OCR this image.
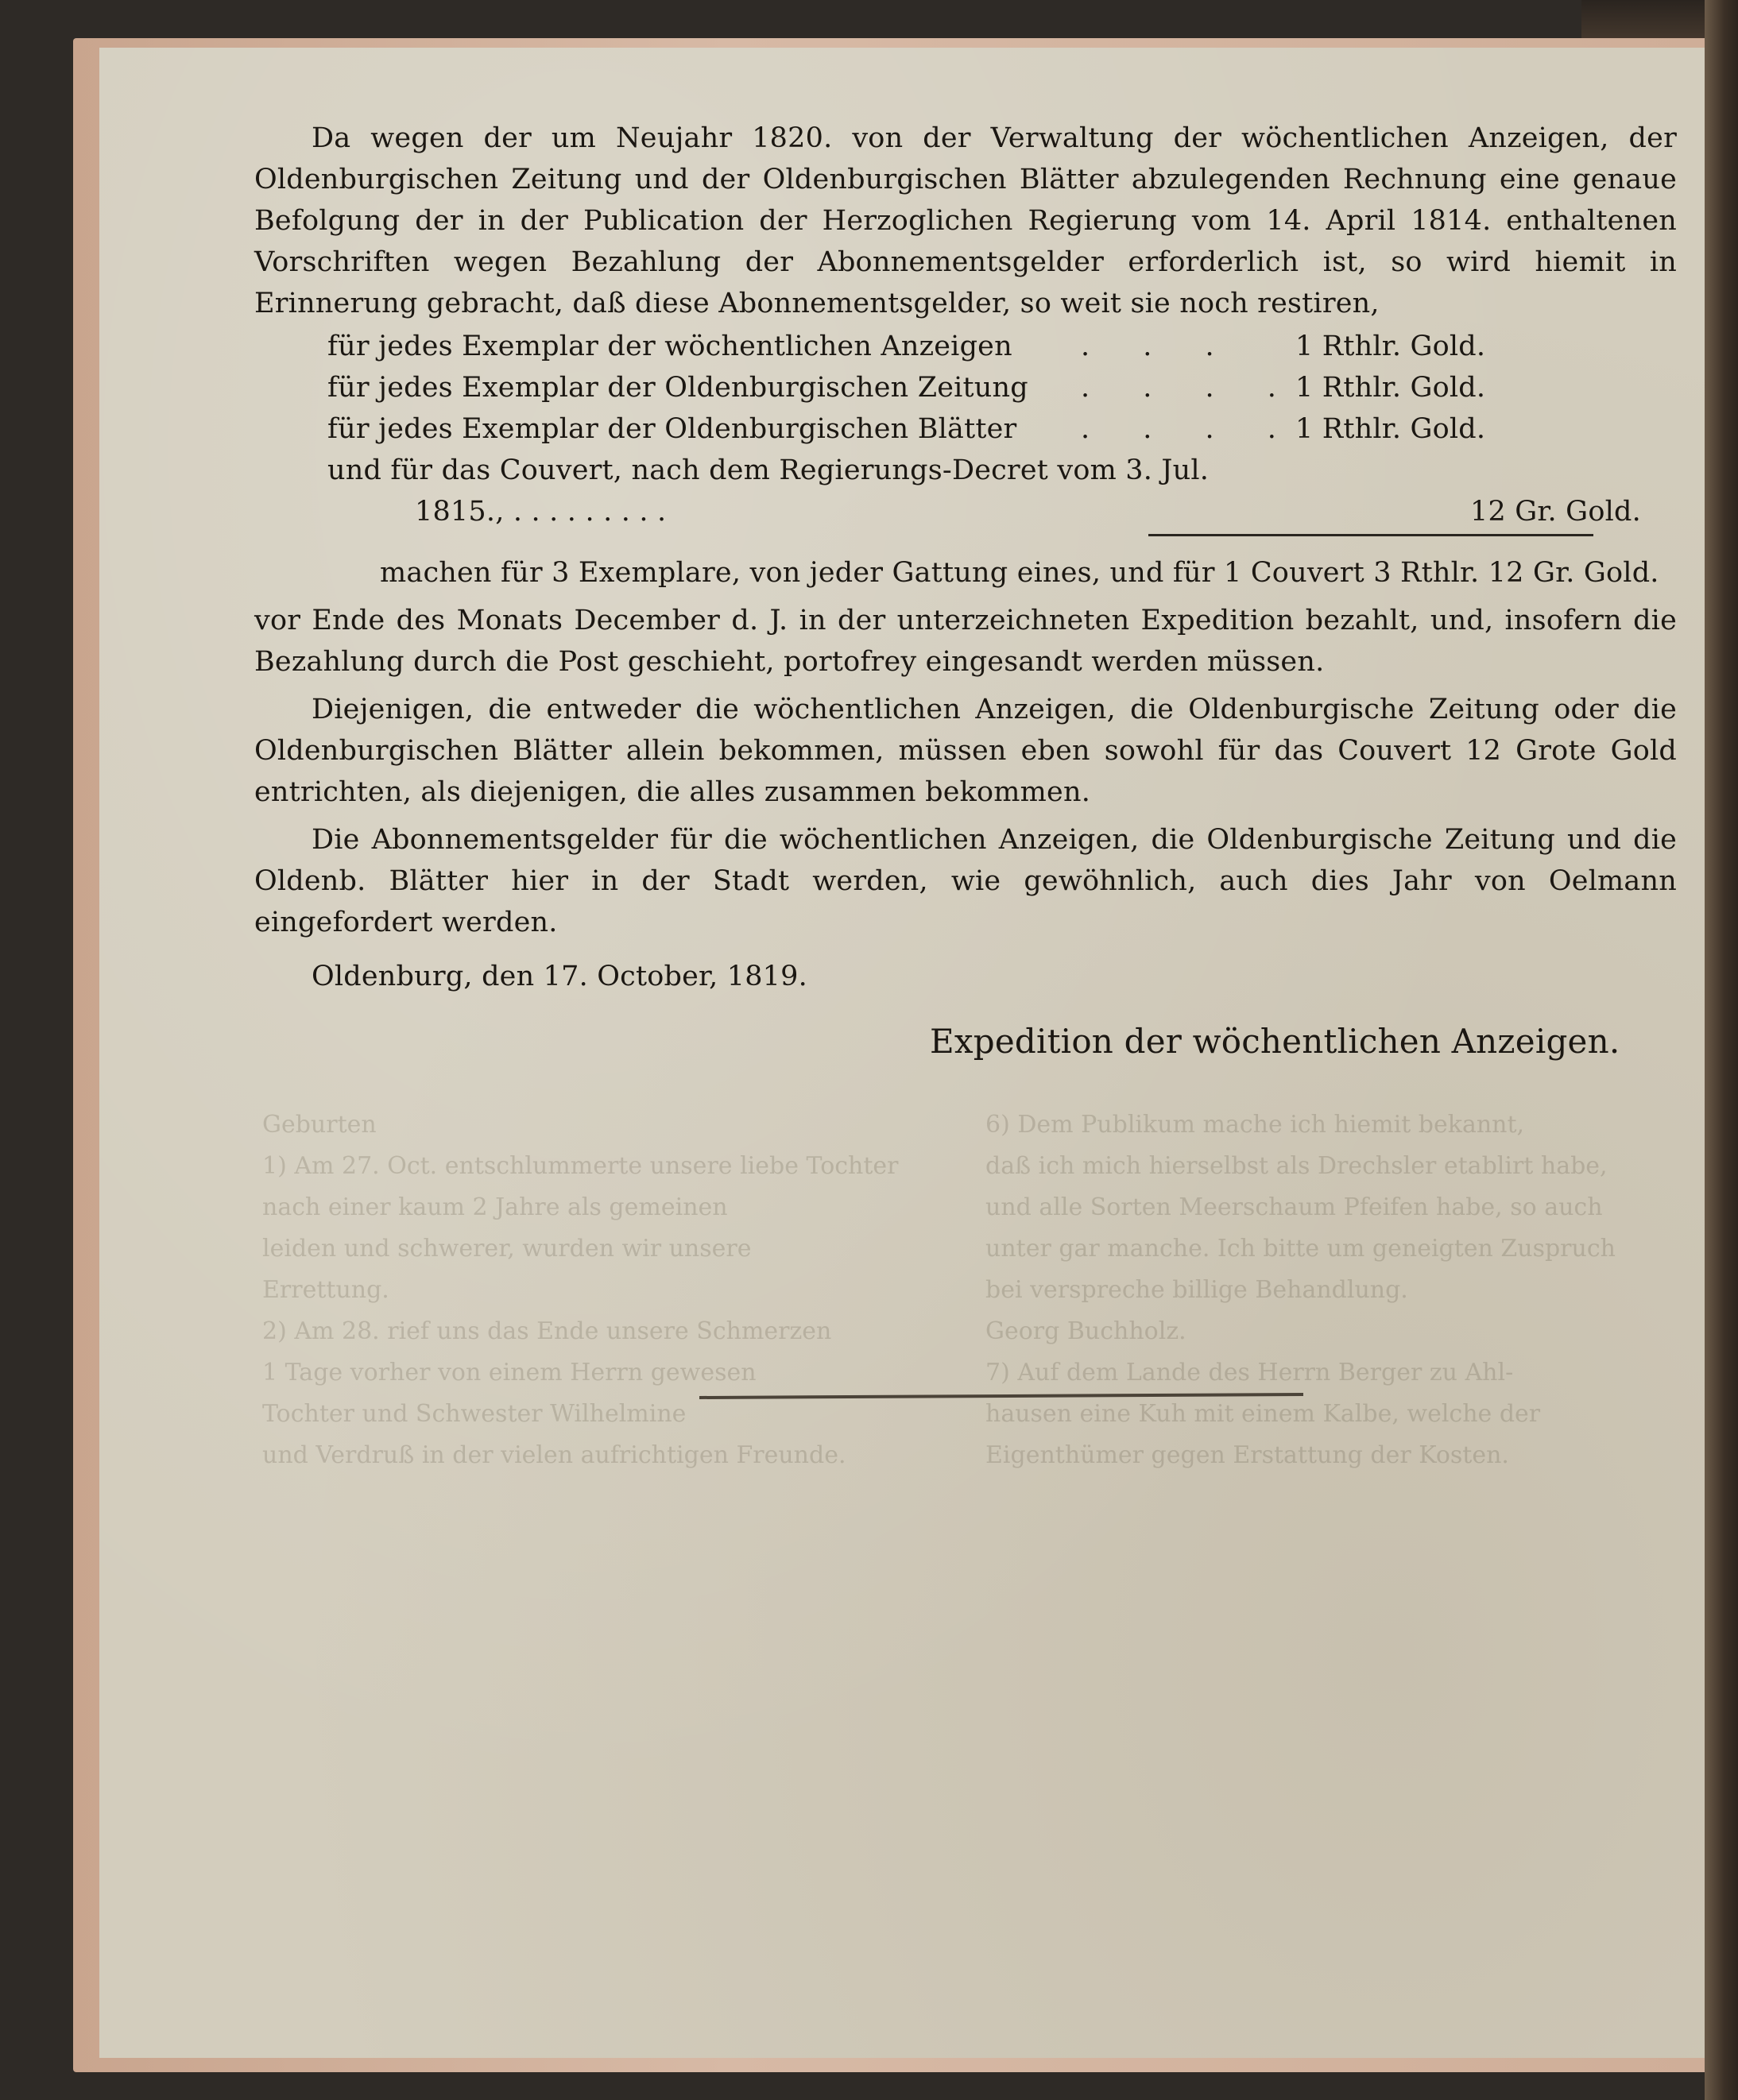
Geburten
1) Am 27. Oct. entschlummerte unsere liebe Tochter
nach einer kaum 2 Jahre als gemeinen
leiden und schwerer, wurden wir unsere
Errettung.
2) Am 28. rief uns das Ende unsere Schmerzen
1 Tage vorher von einem Herrn gewesen
Tochter und Schwester Wilhelmine
und Verdruß in der vielen aufrichtigen Freunde.
6) Dem Publikum mache ich hiemit bekannt,
daß ich mich hierselbst als Drechsler etablirt habe,
und alle Sorten Meerschaum Pfeifen habe, so auch
unter gar manche. Ich bitte um geneigten Zuspruch
bei verspreche billige Behandlung.
Georg Buchholz.
7) Auf dem Lande des Herrn Berger zu Ahl-
hausen eine Kuh mit einem Kalbe, welche der
Eigenthümer gegen Erstattung der Kosten.

Da wegen der um Neujahr 1820. von der Verwaltung der wöchentlichen Anzeigen, der Oldenburgischen Zeitung und der Oldenburgischen Blätter abzulegenden Rechnung eine genaue Befolgung der in der Publication der Herzoglichen Regierung vom 14. April 1814. enthaltenen Vorschriften wegen Bezahlung der Abonnementsgelder erforderlich ist, so wird hiemit in Erinnerung gebracht, daß diese Abonnementsgelder, so weit sie noch restiren,

für jedes Exemplar der wöchentlichen Anzeigen . . . 1 Rthlr. Gold.
für jedes Exemplar der Oldenburgischen Zeitung . . . .
1 Rthlr. Gold.
für jedes Exemplar der Oldenburgischen Blätter . . . .
1 Rthlr. Gold.
und für das Couvert, nach dem Regierungs-Decret vom 3. Jul.
1815., . . . . . . . . .	12 Gr. Gold.

machen für 3 Exemplare, von jeder Gattung eines, und für 1 Couvert 3 Rthlr. 12 Gr. Gold.

vor Ende des Monats December d. J. in der unterzeichneten Expedition bezahlt, und, insofern die Bezahlung durch die Post geschieht, portofrey eingesandt werden müssen.

Diejenigen, die entweder die wöchentlichen Anzeigen, die Oldenburgische Zeitung oder die Oldenburgischen Blätter allein bekommen, müssen eben sowohl für das Couvert 12 Grote Gold entrichten, als diejenigen, die alles zusammen bekommen.

Die Abonnementsgelder für die wöchentlichen Anzeigen, die Oldenburgische Zeitung und die Oldenb. Blätter hier in der Stadt werden, wie gewöhnlich, auch dies Jahr von Oelmann eingefordert werden.

Oldenburg, den 17. October, 1819.
Expedition der wöchentlichen Anzeigen.
